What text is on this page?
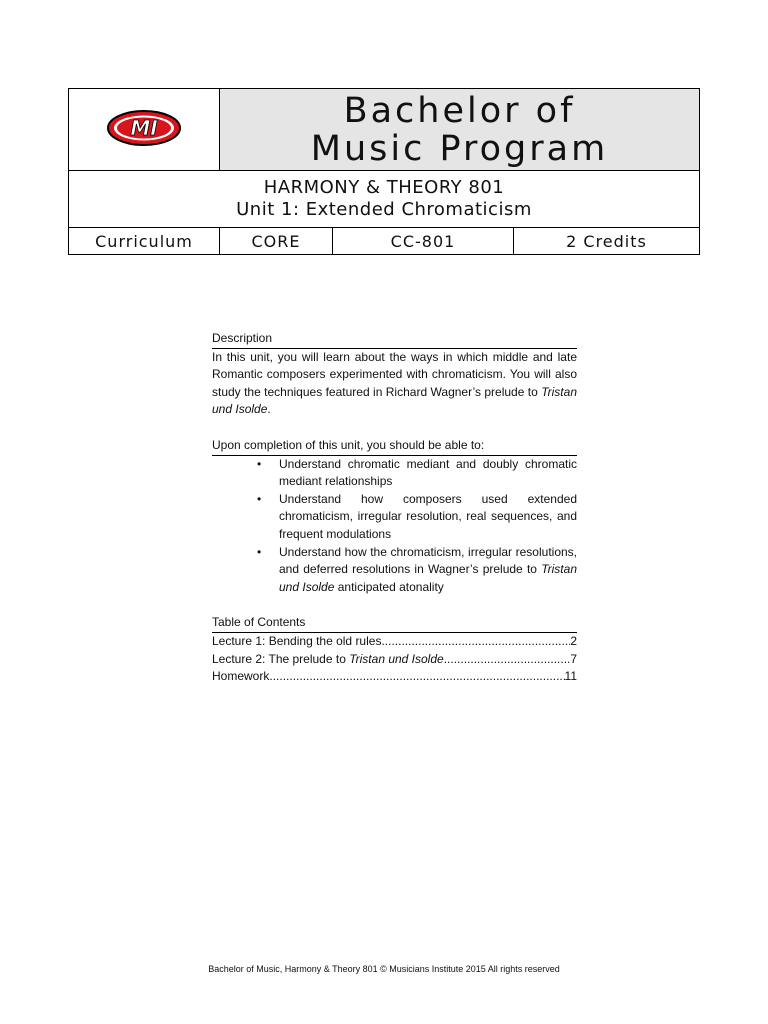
MI	Bachelor of
Music Program		

HARMONY & THEORY 801
Unit 1: Extended Chromaticism			

Curriculum	CORE	CC-801	2 Credits
Description

In this unit, you will learn about the ways in which middle and late Romantic composers experimented with chromaticism. You will also study the techniques featured in Richard Wagner’s prelude to Tristan und Isolde.

Upon completion of this unit, you should be able to:
• Understand chromatic mediant and doubly chromatic mediant relationships
• Understand how composers used extended chromaticism, irregular resolution, real sequences, and frequent modulations
• Understand how the chromaticism, irregular resolutions, and deferred resolutions in Wagner’s prelude to Tristan und Isolde anticipated atonality
Table of Contents
Lecture 1: Bending the old rules .....	2
Lecture 2: The prelude to Tristan und Isolde .....	7
Homework .....	11
Bachelor of Music, Harmony & Theory 801 © Musicians Institute 2015 All rights reserved
